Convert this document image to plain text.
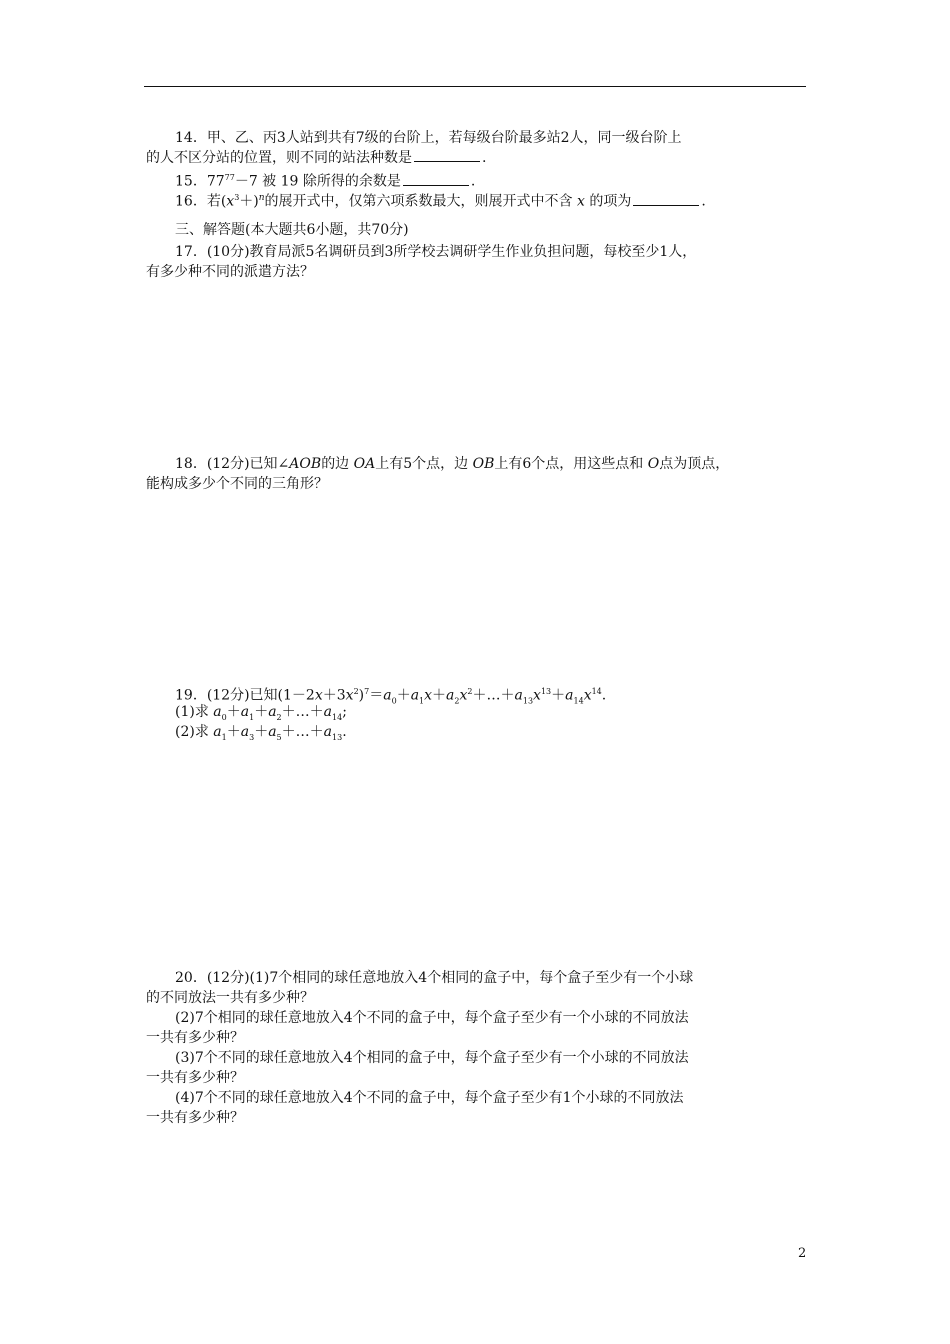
14．甲、乙、丙3人站到共有7级的台阶上，若每级台阶最多站2人，同一级台阶上
的人不区分站的位置，则不同的站法种数是	.
15．$77^{77}-7$ 被 19 除所得的余数是	.
16．若$(x^3+)^n$的展开式中，仅第六项系数最大，则展开式中不含 x 的项为	.
三、解答题(本大题共6小题，共70分)
17．(10分)教育局派5名调研员到3所学校去调研学生作业负担问题，每校至少1人，
有多少种不同的派遣方法？
18．(12分)已知∠AOB的边 OA上有5个点，边 OB上有6个点，用这些点和 O点为顶点，
能构成多少个不同的三角形？
19．(12分)已知$(1-2x+3x^2)^7=a_0+a_1x+a_2x^2+\dots+a_{13}x^{13}+a_{14}x^{14}$.
(1)求 $a_0+a_1+a_2+\dots+a_{14}$;
(2)求 $a_1+a_3+a_5+\dots+a_{13}$.
20．(12分)(1)7个相同的球任意地放入4个相同的盒子中，每个盒子至少有一个小球
的不同放法一共有多少种？
(2)7个相同的球任意地放入4个不同的盒子中，每个盒子至少有一个小球的不同放法
一共有多少种？
(3)7个不同的球任意地放入4个相同的盒子中，每个盒子至少有一个小球的不同放法
一共有多少种？
(4)7个不同的球任意地放入4个不同的盒子中，每个盒子至少有1个小球的不同放法
一共有多少种？
2
